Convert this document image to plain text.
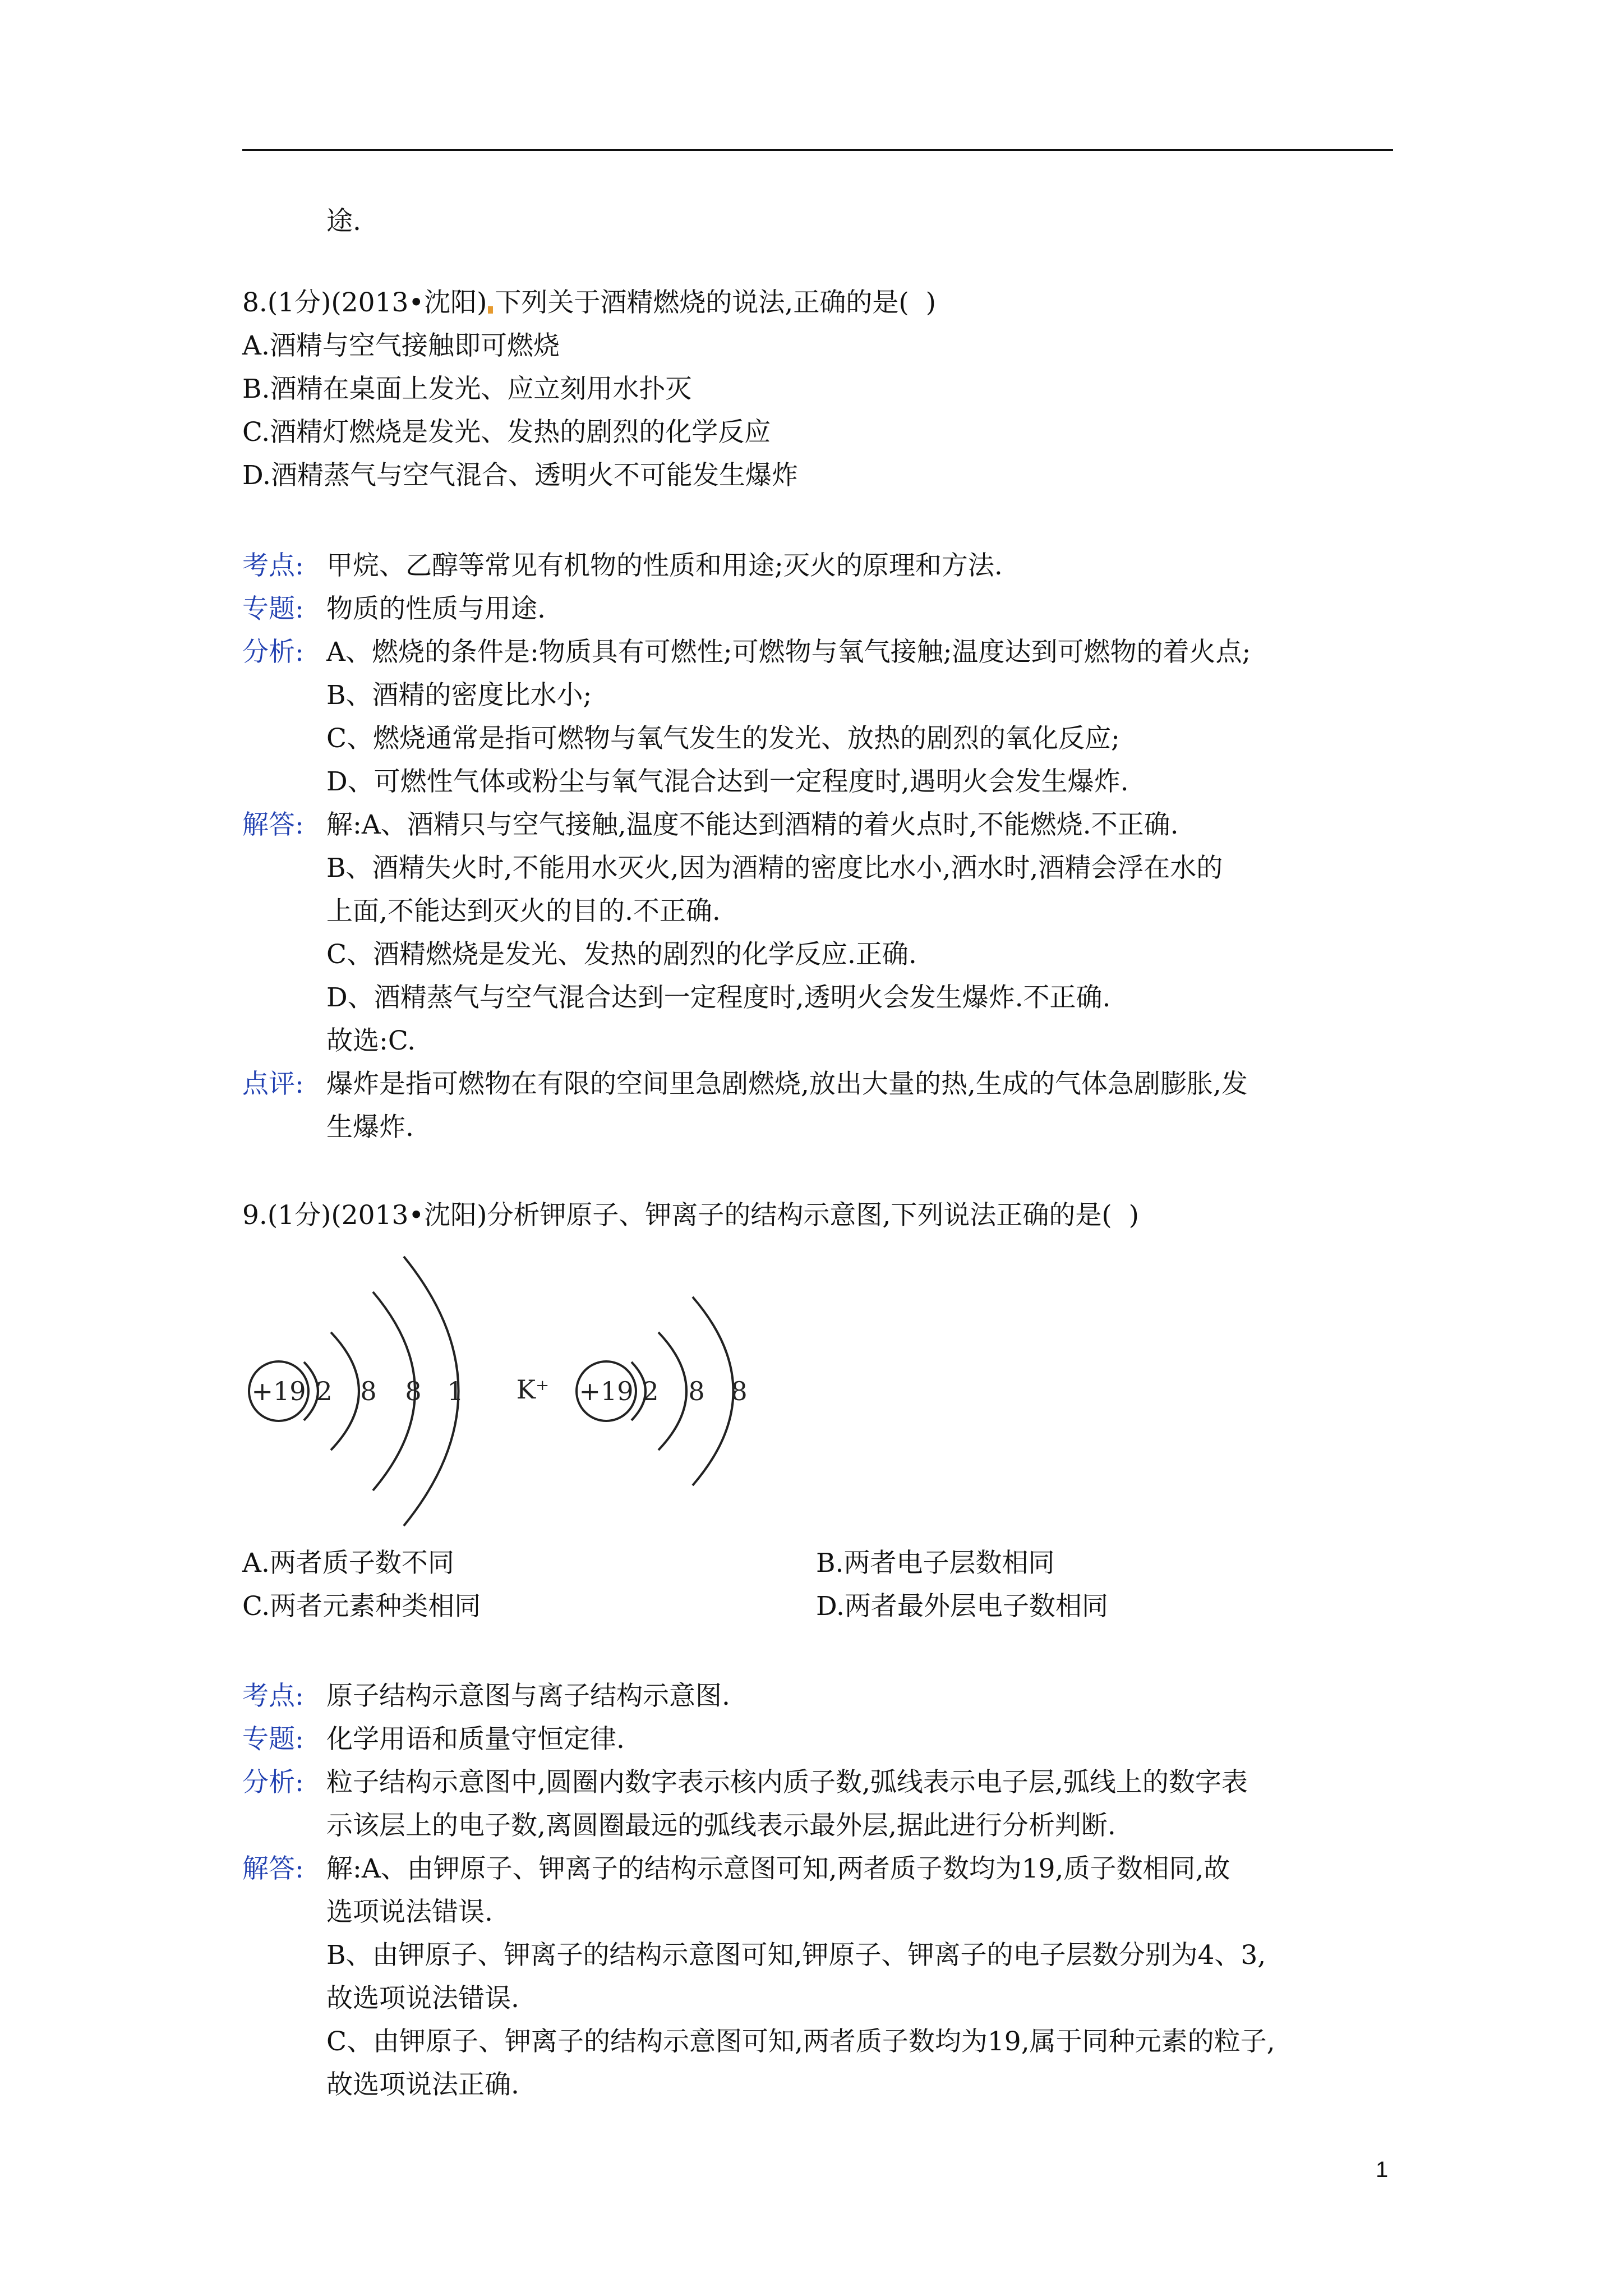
途.
8.(1分)(2013•沈阳) 下列关于酒精燃烧的说法,正确的是(  )
A.酒精与空气接触即可燃烧
B.酒精在桌面上发光、应立刻用水扑灭
C.酒精灯燃烧是发光、发热的剧烈的化学反应
D.酒精蒸气与空气混合、透明火不可能发生爆炸
考点: 甲烷、乙醇等常见有机物的性质和用途;灭火的原理和方法.
专题: 物质的性质与用途.
分析: A、燃烧的条件是:物质具有可燃性;可燃物与氧气接触;温度达到可燃物的着火点;
B、酒精的密度比水小;
C、燃烧通常是指可燃物与氧气发生的发光、放热的剧烈的氧化反应;
D、可燃性气体或粉尘与氧气混合达到一定程度时,遇明火会发生爆炸.
解答: 解:A、酒精只与空气接触,温度不能达到酒精的着火点时,不能燃烧.不正确.
B、酒精失火时,不能用水灭火,因为酒精的密度比水小,洒水时,酒精会浮在水的
上面,不能达到灭火的目的.不正确.
C、酒精燃烧是发光、发热的剧烈的化学反应.正确.
D、酒精蒸气与空气混合达到一定程度时,透明火会发生爆炸.不正确.
故选:C.
点评: 爆炸是指可燃物在有限的空间里急剧燃烧,放出大量的热,生成的气体急剧膨胀,发
生爆炸.
9.(1分)(2013•沈阳)分析钾原子、钾离子的结构示意图,下列说法正确的是(  )
+19 2 8 8 1 K⁺ +19 2 8 8
A.两者质子数不同	B.两者电子层数相同
C.两者元素种类相同	D.两者最外层电子数相同
考点: 原子结构示意图与离子结构示意图.
专题: 化学用语和质量守恒定律.
分析: 粒子结构示意图中,圆圈内数字表示核内质子数,弧线表示电子层,弧线上的数字表
示该层上的电子数,离圆圈最远的弧线表示最外层,据此进行分析判断.
解答: 解:A、由钾原子、钾离子的结构示意图可知,两者质子数均为19,质子数相同,故
选项说法错误.
B、由钾原子、钾离子的结构示意图可知,钾原子、钾离子的电子层数分别为4、3,
故选项说法错误.
C、由钾原子、钾离子的结构示意图可知,两者质子数均为19,属于同种元素的粒子,
故选项说法正确.
1
